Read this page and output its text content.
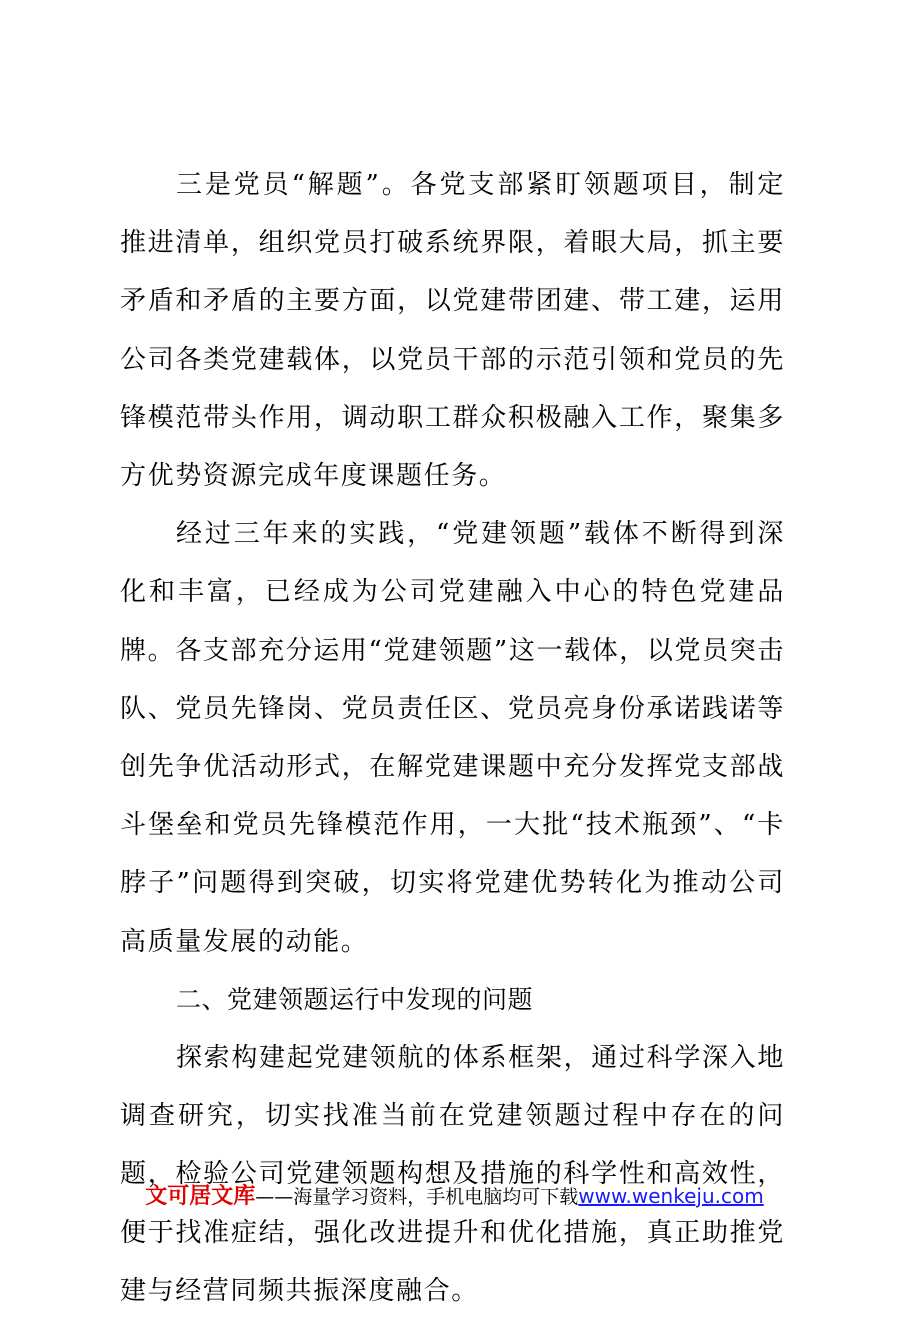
三是党员“解题”。各党支部紧盯领题项目，制定推进清单，组织党员打破系统界限，着眼大局，抓主要矛盾和矛盾的主要方面，以党建带团建、带工建，运用公司各类党建载体，以党员干部的示范引领和党员的先锋模范带头作用，调动职工群众积极融入工作，聚集多方优势资源完成年度课题任务。

经过三年来的实践，“党建领题”载体不断得到深化和丰富，已经成为公司党建融入中心的特色党建品牌。各支部充分运用“党建领题”这一载体，以党员突击队、党员先锋岗、党员责任区、党员亮身份承诺践诺等创先争优活动形式，在解党建课题中充分发挥党支部战斗堡垒和党员先锋模范作用，一大批“技术瓶颈”、“卡脖子”问题得到突破，切实将党建优势转化为推动公司高质量发展的动能。

二、党建领题运行中发现的问题

探索构建起党建领航的体系框架，通过科学深入地调查研究，切实找准当前在党建领题过程中存在的问题，检验公司党建领题构想及措施的科学性和高效性，便于找准症结，强化改进提升和优化措施，真正助推党建与经营同频共振深度融合。

文可居文库——海量学习资料，手机电脑均可下载www.wenkeju.com
